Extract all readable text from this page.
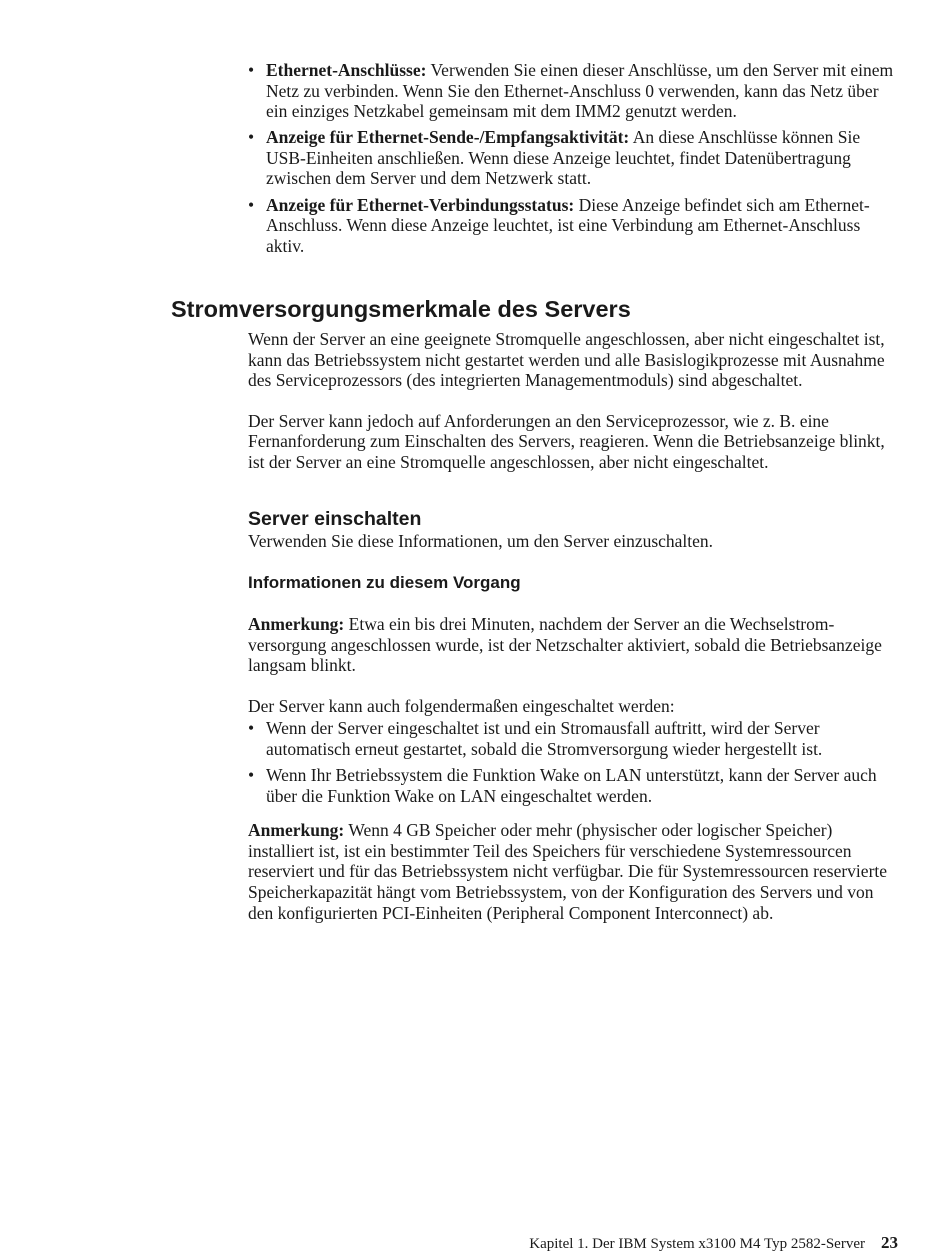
• Ethernet-Anschlüsse: Verwenden Sie einen dieser Anschlüsse, um den Server mit einem Netz zu verbinden. Wenn Sie den Ethernet-Anschluss 0 verwenden, kann das Netz über ein einziges Netzkabel gemeinsam mit dem IMM2 genutzt werden.
• Anzeige für Ethernet-Sende-/Empfangsaktivität: An diese Anschlüsse können Sie USB-Einheiten anschließen. Wenn diese Anzeige leuchtet, findet Datenübertragung zwischen dem Server und dem Netzwerk statt.
• Anzeige für Ethernet-Verbindungsstatus: Diese Anzeige befindet sich am Ethernet-Anschluss. Wenn diese Anzeige leuchtet, ist eine Verbindung am Ethernet-Anschluss aktiv.
Stromversorgungsmerkmale des Servers

Wenn der Server an eine geeignete Stromquelle angeschlossen, aber nicht eingeschaltet ist, kann das Betriebssystem nicht gestartet werden und alle Basislogikprozesse mit Ausnahme des Serviceprozessors (des integrierten Managementmoduls) sind abgeschaltet.

Der Server kann jedoch auf Anforderungen an den Serviceprozessor, wie z. B. eine Fernanforderung zum Einschalten des Servers, reagieren. Wenn die Betriebsanzeige blinkt, ist der Server an eine Stromquelle angeschlossen, aber nicht eingeschaltet.

Server einschalten

Verwenden Sie diese Informationen, um den Server einzuschalten.

Informationen zu diesem Vorgang

Anmerkung: Etwa ein bis drei Minuten, nachdem der Server an die Wechselstromversorgung angeschlossen wurde, ist der Netzschalter aktiviert, sobald die Betriebsanzeige langsam blinkt.

Der Server kann auch folgendermaßen eingeschaltet werden:

• Wenn der Server eingeschaltet ist und ein Stromausfall auftritt, wird der Server automatisch erneut gestartet, sobald die Stromversorgung wieder hergestellt ist.
• Wenn Ihr Betriebssystem die Funktion Wake on LAN unterstützt, kann der Server auch über die Funktion Wake on LAN eingeschaltet werden.

Anmerkung: Wenn 4 GB Speicher oder mehr (physischer oder logischer Speicher) installiert ist, ist ein bestimmter Teil des Speichers für verschiedene Systemressourcen reserviert und für das Betriebssystem nicht verfügbar. Die für Systemressourcen reservierte Speicherkapazität hängt vom Betriebssystem, von der Konfiguration des Servers und von den konfigurierten PCI-Einheiten (Peripheral Component Interconnect) ab.

Kapitel 1. Der IBM System x3100 M4 Typ 2582-Server 23
